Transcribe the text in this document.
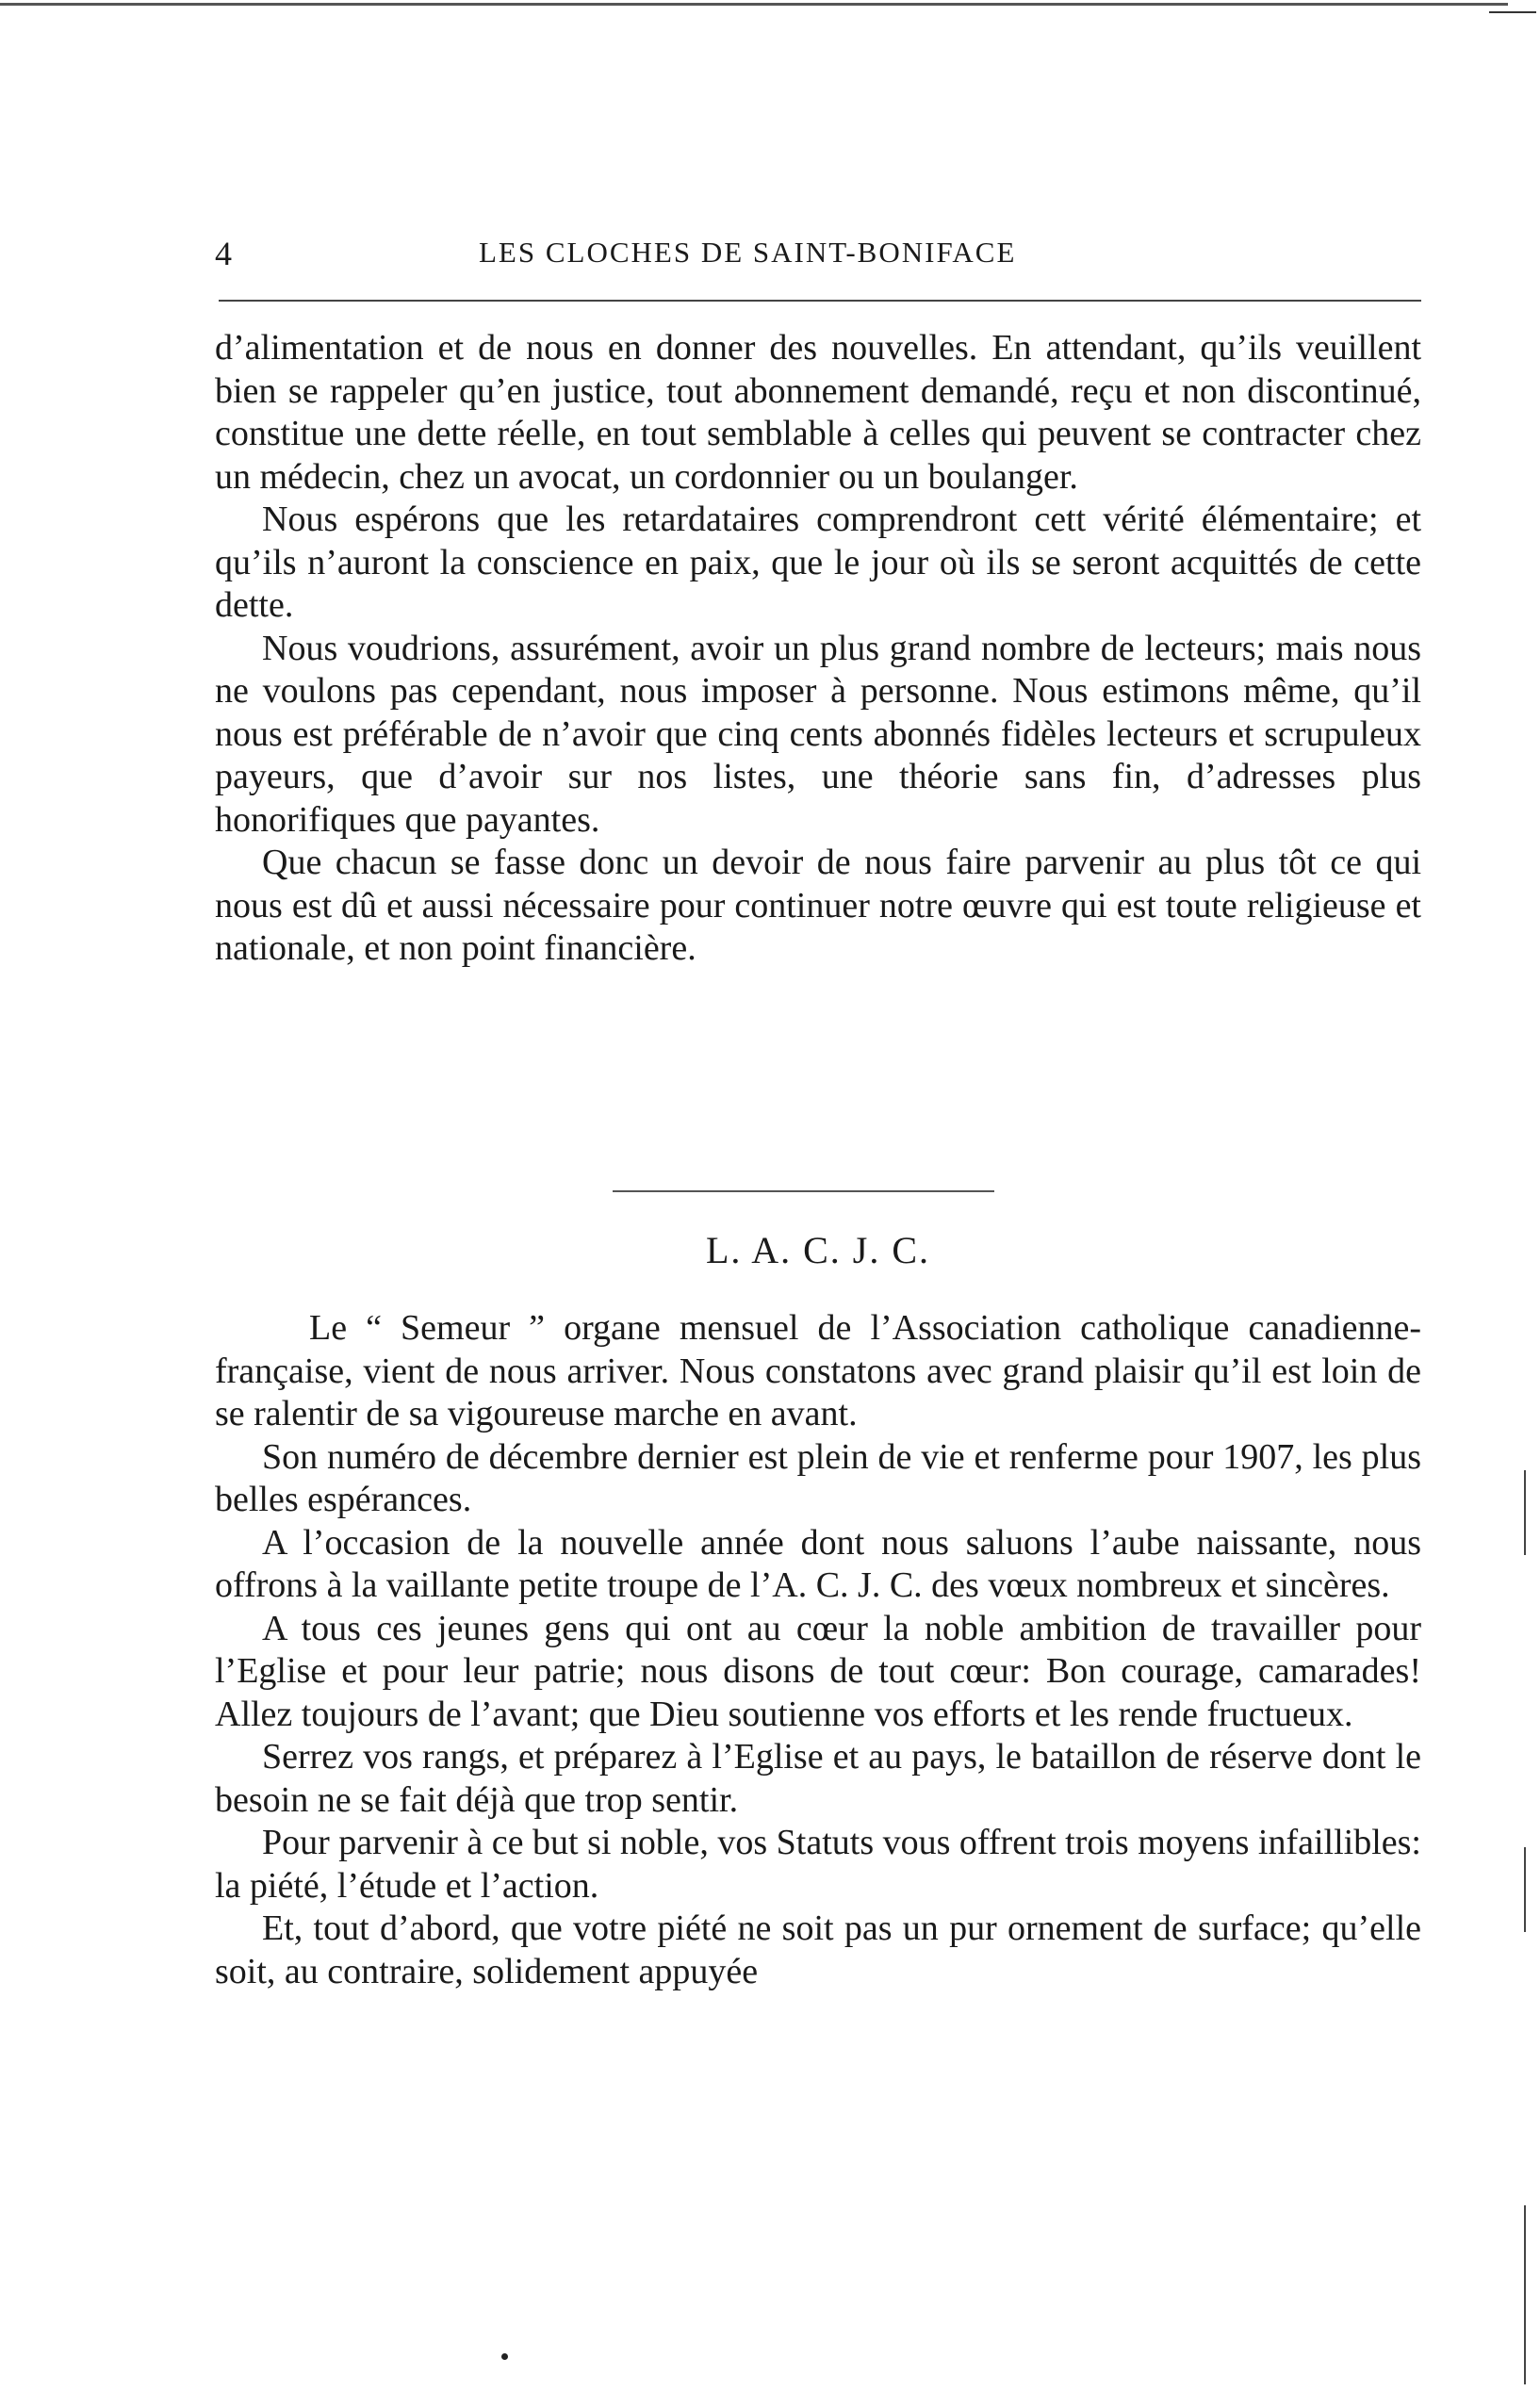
4	LES CLOCHES DE SAINT-BONIFACE

d’alimentation et de nous en donner des nouvelles. En attendant, qu’ils veuillent bien se rappeler qu’en justice, tout abonnement demandé, reçu et non discontinué, constitue une dette réelle, en tout semblable à celles qui peuvent se contracter chez un médecin, chez un avocat, un cordonnier ou un boulanger.

Nous espérons que les retardataires comprendront cett vérité élémentaire; et qu’ils n’auront la conscience en paix, que le jour où ils se seront acquittés de cette dette.

Nous voudrions, assurément, avoir un plus grand nombre de lecteurs; mais nous ne voulons pas cependant, nous imposer à personne. Nous estimons même, qu’il nous est préférable de n’avoir que cinq cents abonnés fidèles lecteurs et scrupuleux payeurs, que d’avoir sur nos listes, une théorie sans fin, d’adresses plus honorifiques que payantes.

Que chacun se fasse donc un devoir de nous faire parvenir au plus tôt ce qui nous est dû et aussi nécessaire pour continuer notre œuvre qui est toute religieuse et nationale, et non point financière.

L. A. C. J. C.

Le “ Semeur ” organe mensuel de l’Association catholique canadienne-française, vient de nous arriver. Nous constatons avec grand plaisir qu’il est loin de se ralentir de sa vigoureuse marche en avant.

Son numéro de décembre dernier est plein de vie et renferme pour 1907, les plus belles espérances.

A l’occasion de la nouvelle année dont nous saluons l’aube naissante, nous offrons à la vaillante petite troupe de l’A. C. J. C. des vœux nombreux et sincères.

A tous ces jeunes gens qui ont au cœur la noble ambition de travailler pour l’Eglise et pour leur patrie; nous disons de tout cœur: Bon courage, camarades! Allez toujours de l’avant; que Dieu soutienne vos efforts et les rende fructueux.

Serrez vos rangs, et préparez à l’Eglise et au pays, le bataillon de réserve dont le besoin ne se fait déjà que trop sentir.

Pour parvenir à ce but si noble, vos Statuts vous offrent trois moyens infaillibles: la piété, l’étude et l’action.

Et, tout d’abord, que votre piété ne soit pas un pur ornement de surface; qu’elle soit, au contraire, solidement appuyée
